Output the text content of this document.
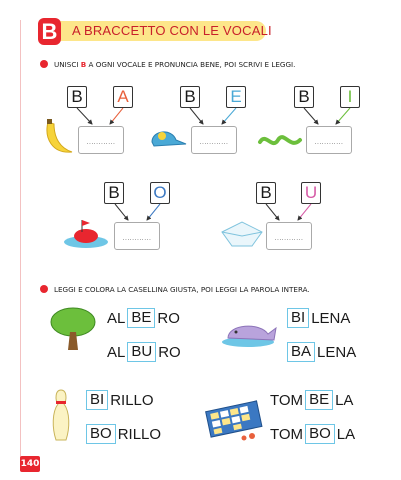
B A BRACCETTO CON LE VOCALI
UNISCI B A OGNI VOCALE E PRONUNCIA BENE, POI SCRIVI E LEGGI.
B A
............
B E
............
B	I
............
B O
............
B U
............
LEGGI E COLORA LA CASELLINA GIUSTA, POI LEGGI LA PAROLA INTERA.
AL BE RO
AL BU RO
BI LENA
BA LENA
BI RILLO
BO RILLO
TOM BE LA
TOM BO LA
140
